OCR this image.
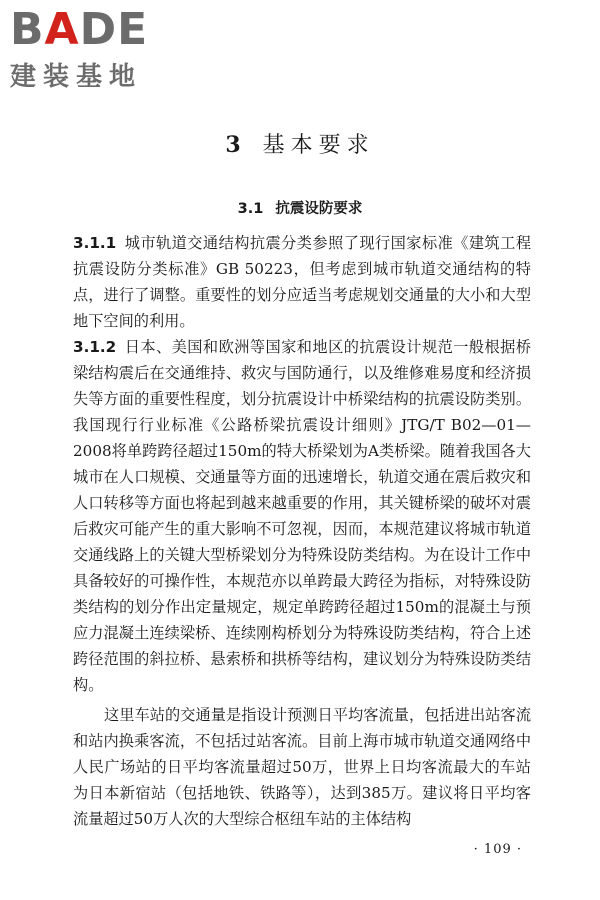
B A DE
建装基地
3 基本要求
3.1 抗震设防要求

3.1.1 城市轨道交通结构抗震分类参照了现行国家标准《建筑工程抗震设防分类标准》GB 50223，但考虑到城市轨道交通结构的特点，进行了调整。重要性的划分应适当考虑规划交通量的大小和大型地下空间的利用。

3.1.2 日本、美国和欧洲等国家和地区的抗震设计规范一般根据桥梁结构震后在交通维持、救灾与国防通行，以及维修难易度和经济损失等方面的重要性程度，划分抗震设计中桥梁结构的抗震设防类别。我国现行行业标准《公路桥梁抗震设计细则》JTG/T B02—01—2008将单跨跨径超过150m的特大桥梁划为A类桥梁。随着我国各大城市在人口规模、交通量等方面的迅速增长，轨道交通在震后救灾和人口转移等方面也将起到越来越重要的作用，其关键桥梁的破坏对震后救灾可能产生的重大影响不可忽视，因而，本规范建议将城市轨道交通线路上的关键大型桥梁划分为特殊设防类结构。为在设计工作中具备较好的可操作性，本规范亦以单跨最大跨径为指标，对特殊设防类结构的划分作出定量规定，规定单跨跨径超过150m的混凝土与预应力混凝土连续梁桥、连续刚构桥划分为特殊设防类结构，符合上述跨径范围的斜拉桥、悬索桥和拱桥等结构，建议划分为特殊设防类结构。

这里车站的交通量是指设计预测日平均客流量，包括进出站客流和站内换乘客流，不包括过站客流。目前上海市城市轨道交通网络中人民广场站的日平均客流量超过50万，世界上日均客流最大的车站为日本新宿站（包括地铁、铁路等），达到385万。建议将日平均客流量超过50万人次的大型综合枢纽车站的主体结构

· 109 ·
